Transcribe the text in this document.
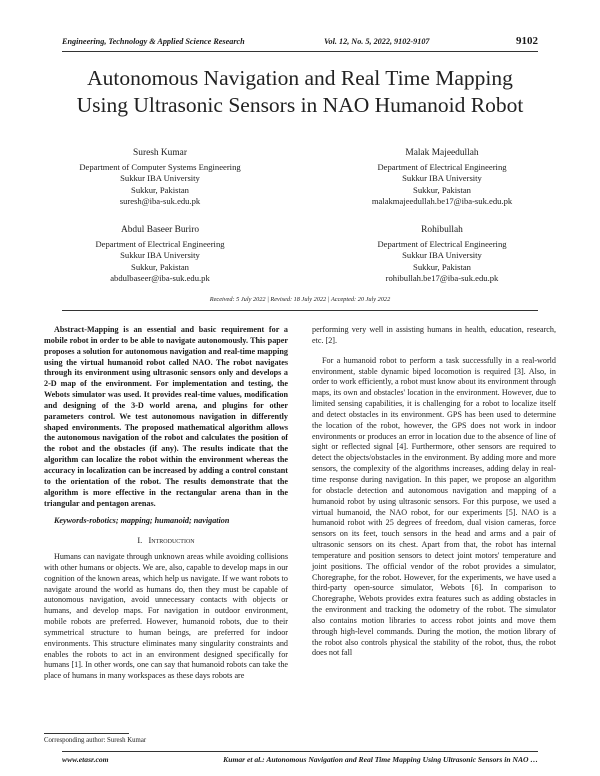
Engineering, Technology & Applied Science Research	Vol. 12, No. 5, 2022, 9102-9107	9102
Autonomous Navigation and Real Time Mapping
Using Ultrasonic Sensors in NAO Humanoid Robot
Suresh Kumar
Department of Computer Systems Engineering
Sukkur IBA University
Sukkur, Pakistan
suresh@iba-suk.edu.pk
Malak Majeedullah
Department of Electrical Engineering
Sukkur IBA University
Sukkur, Pakistan
malakmajeedullah.be17@iba-suk.edu.pk
Abdul Baseer Buriro
Department of Electrical Engineering
Sukkur IBA University
Sukkur, Pakistan
abdulbaseer@iba-suk.edu.pk
Rohibullah
Department of Electrical Engineering
Sukkur IBA University
Sukkur, Pakistan
rohibullah.be17@iba-suk.edu.pk
Received: 5 July 2022 | Revised: 18 July 2022 | Accepted: 20 July 2022

Abstract-Mapping is an essential and basic requirement for a mobile robot in order to be able to navigate autonomously. This paper proposes a solution for autonomous navigation and real-time mapping using the virtual humanoid robot called NAO. The robot navigates through its environment using ultrasonic sensors only and develops a 2-D map of the environment. For implementation and testing, the Webots simulator was used. It provides real-time values, modification and designing of the 3-D world arena, and plugins for other parameters control. We test autonomous navigation in differently shaped environments. The proposed mathematical algorithm allows the autonomous navigation of the robot and calculates the position of the robot and the obstacles (if any). The results indicate that the algorithm can localize the robot within the environment whereas the accuracy in localization can be increased by adding a control constant to the orientation of the robot. The results demonstrate that the algorithm is more effective in the rectangular arena than in the triangular and pentagon arenas.

Keywords-robotics; mapping; humanoid; navigation

I. Introduction

Humans can navigate through unknown areas while avoiding collisions with other humans or objects. We are, also, capable to develop maps in our cognition of the known areas, which help us navigate. If we want robots to navigate around the world as humans do, then they must be capable of autonomous navigation, avoid unnecessary contacts with objects or humans, and develop maps. For navigation in outdoor environment, mobile robots are preferred. However, humanoid robots, due to their symmetrical structure to human beings, are preferred for indoor environments. This structure eliminates many singularity constraints and enables the robots to act in an environment designed specifically for humans [1]. In other words, one can say that humanoid robots can take the place of humans in many workspaces as these days robots are

performing very well in assisting humans in health, education, research, etc. [2].

For a humanoid robot to perform a task successfully in a real-world environment, stable dynamic biped locomotion is required [3]. Also, in order to work efficiently, a robot must know about its environment through maps, its own and obstacles' location in the environment. However, due to limited sensing capabilities, it is challenging for a robot to localize itself and detect obstacles in its environment. GPS has been used to determine the location of the robot, however, the GPS does not work in indoor environments or produces an error in location due to the absence of line of sight or reflected signal [4]. Furthermore, other sensors are required to detect the objects/obstacles in the environment. By adding more and more sensors, the complexity of the algorithms increases, adding delay in real-time response during navigation. In this paper, we propose an algorithm for obstacle detection and autonomous navigation and mapping of a humanoid robot by using ultrasonic sensors. For this purpose, we used a virtual humanoid, the NAO robot, for our experiments [5]. NAO is a humanoid robot with 25 degrees of freedom, dual vision cameras, force sensors on its feet, touch sensors in the head and arms and a pair of ultrasonic sensors on its chest. Apart from that, the robot has internal temperature and position sensors to detect joint motors' temperature and joint positions. The official vendor of the robot provides a simulator, Choregraphe, for the robot. However, for the experiments, we have used a third-party open-source simulator, Webots [6]. In comparison to Choregraphe, Webots provides extra features such as adding obstacles in the environment and tracking the odometry of the robot. The simulator also contains motion libraries to access robot joints and move them through high-level commands. During the motion, the motion library of the robot also controls physical the stability of the robot, thus, the robot does not fall

Corresponding author: Suresh Kumar
www.etasr.com	Kumar et al.: Autonomous Navigation and Real Time Mapping Using Ultrasonic Sensors in NAO …
